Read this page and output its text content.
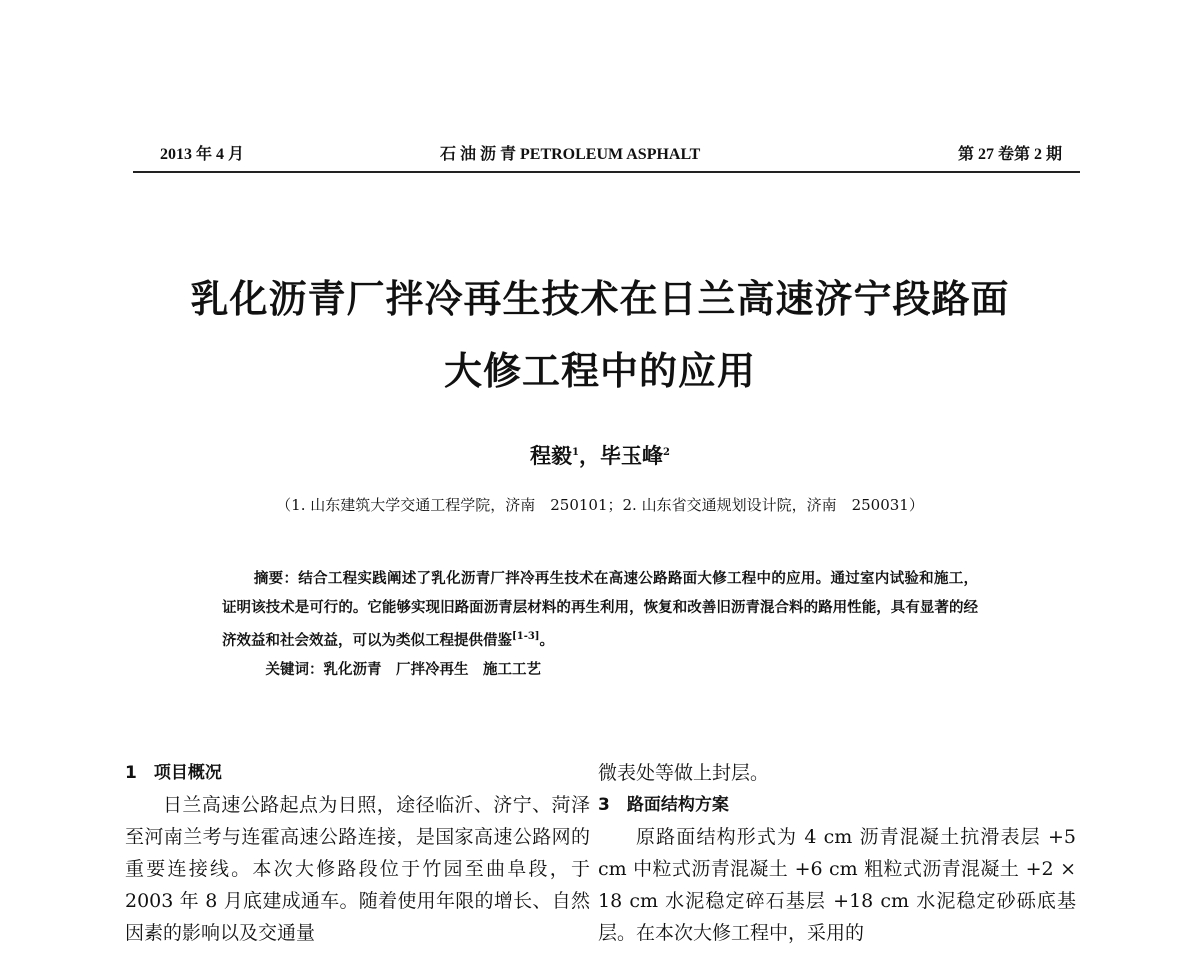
2013 年 4 月	石 油 沥 青 PETROLEUM ASPHALT	第 27 卷第 2 期
乳化沥青厂拌冷再生技术在日兰高速济宁段路面
大修工程中的应用
程毅$^1$，毕玉峰$^2$
（1. 山东建筑大学交通工程学院，济南　250101；2. 山东省交通规划设计院，济南　250031）
摘要：结合工程实践阐述了乳化沥青厂拌冷再生技术在高速公路路面大修工程中的应用。通过室内试验和施工，证明该技术是可行的。它能够实现旧路面沥青层材料的再生利用，恢复和改善旧沥青混合料的路用性能，具有显著的经济效益和社会效益，可以为类似工程提供借鉴[1-3]。
关键词：乳化沥青　厂拌冷再生　施工工艺
1　项目概况
日兰高速公路起点为日照，途径临沂、济宁、菏泽至河南兰考与连霍高速公路连接，是国家高速公路网的重要连接线。本次大修路段位于竹园至曲阜段，于 2003 年 8 月底建成通车。随着使用年限的增长、自然因素的影响以及交通量
微表处等做上封层。
3　路面结构方案
原路面结构形式为 4 cm 沥青混凝土抗滑表层 +5 cm 中粒式沥青混凝土 +6 cm 粗粒式沥青混凝土 +2 × 18 cm 水泥稳定碎石基层 +18 cm 水泥稳定砂砾底基层。在本次大修工程中，采用的
